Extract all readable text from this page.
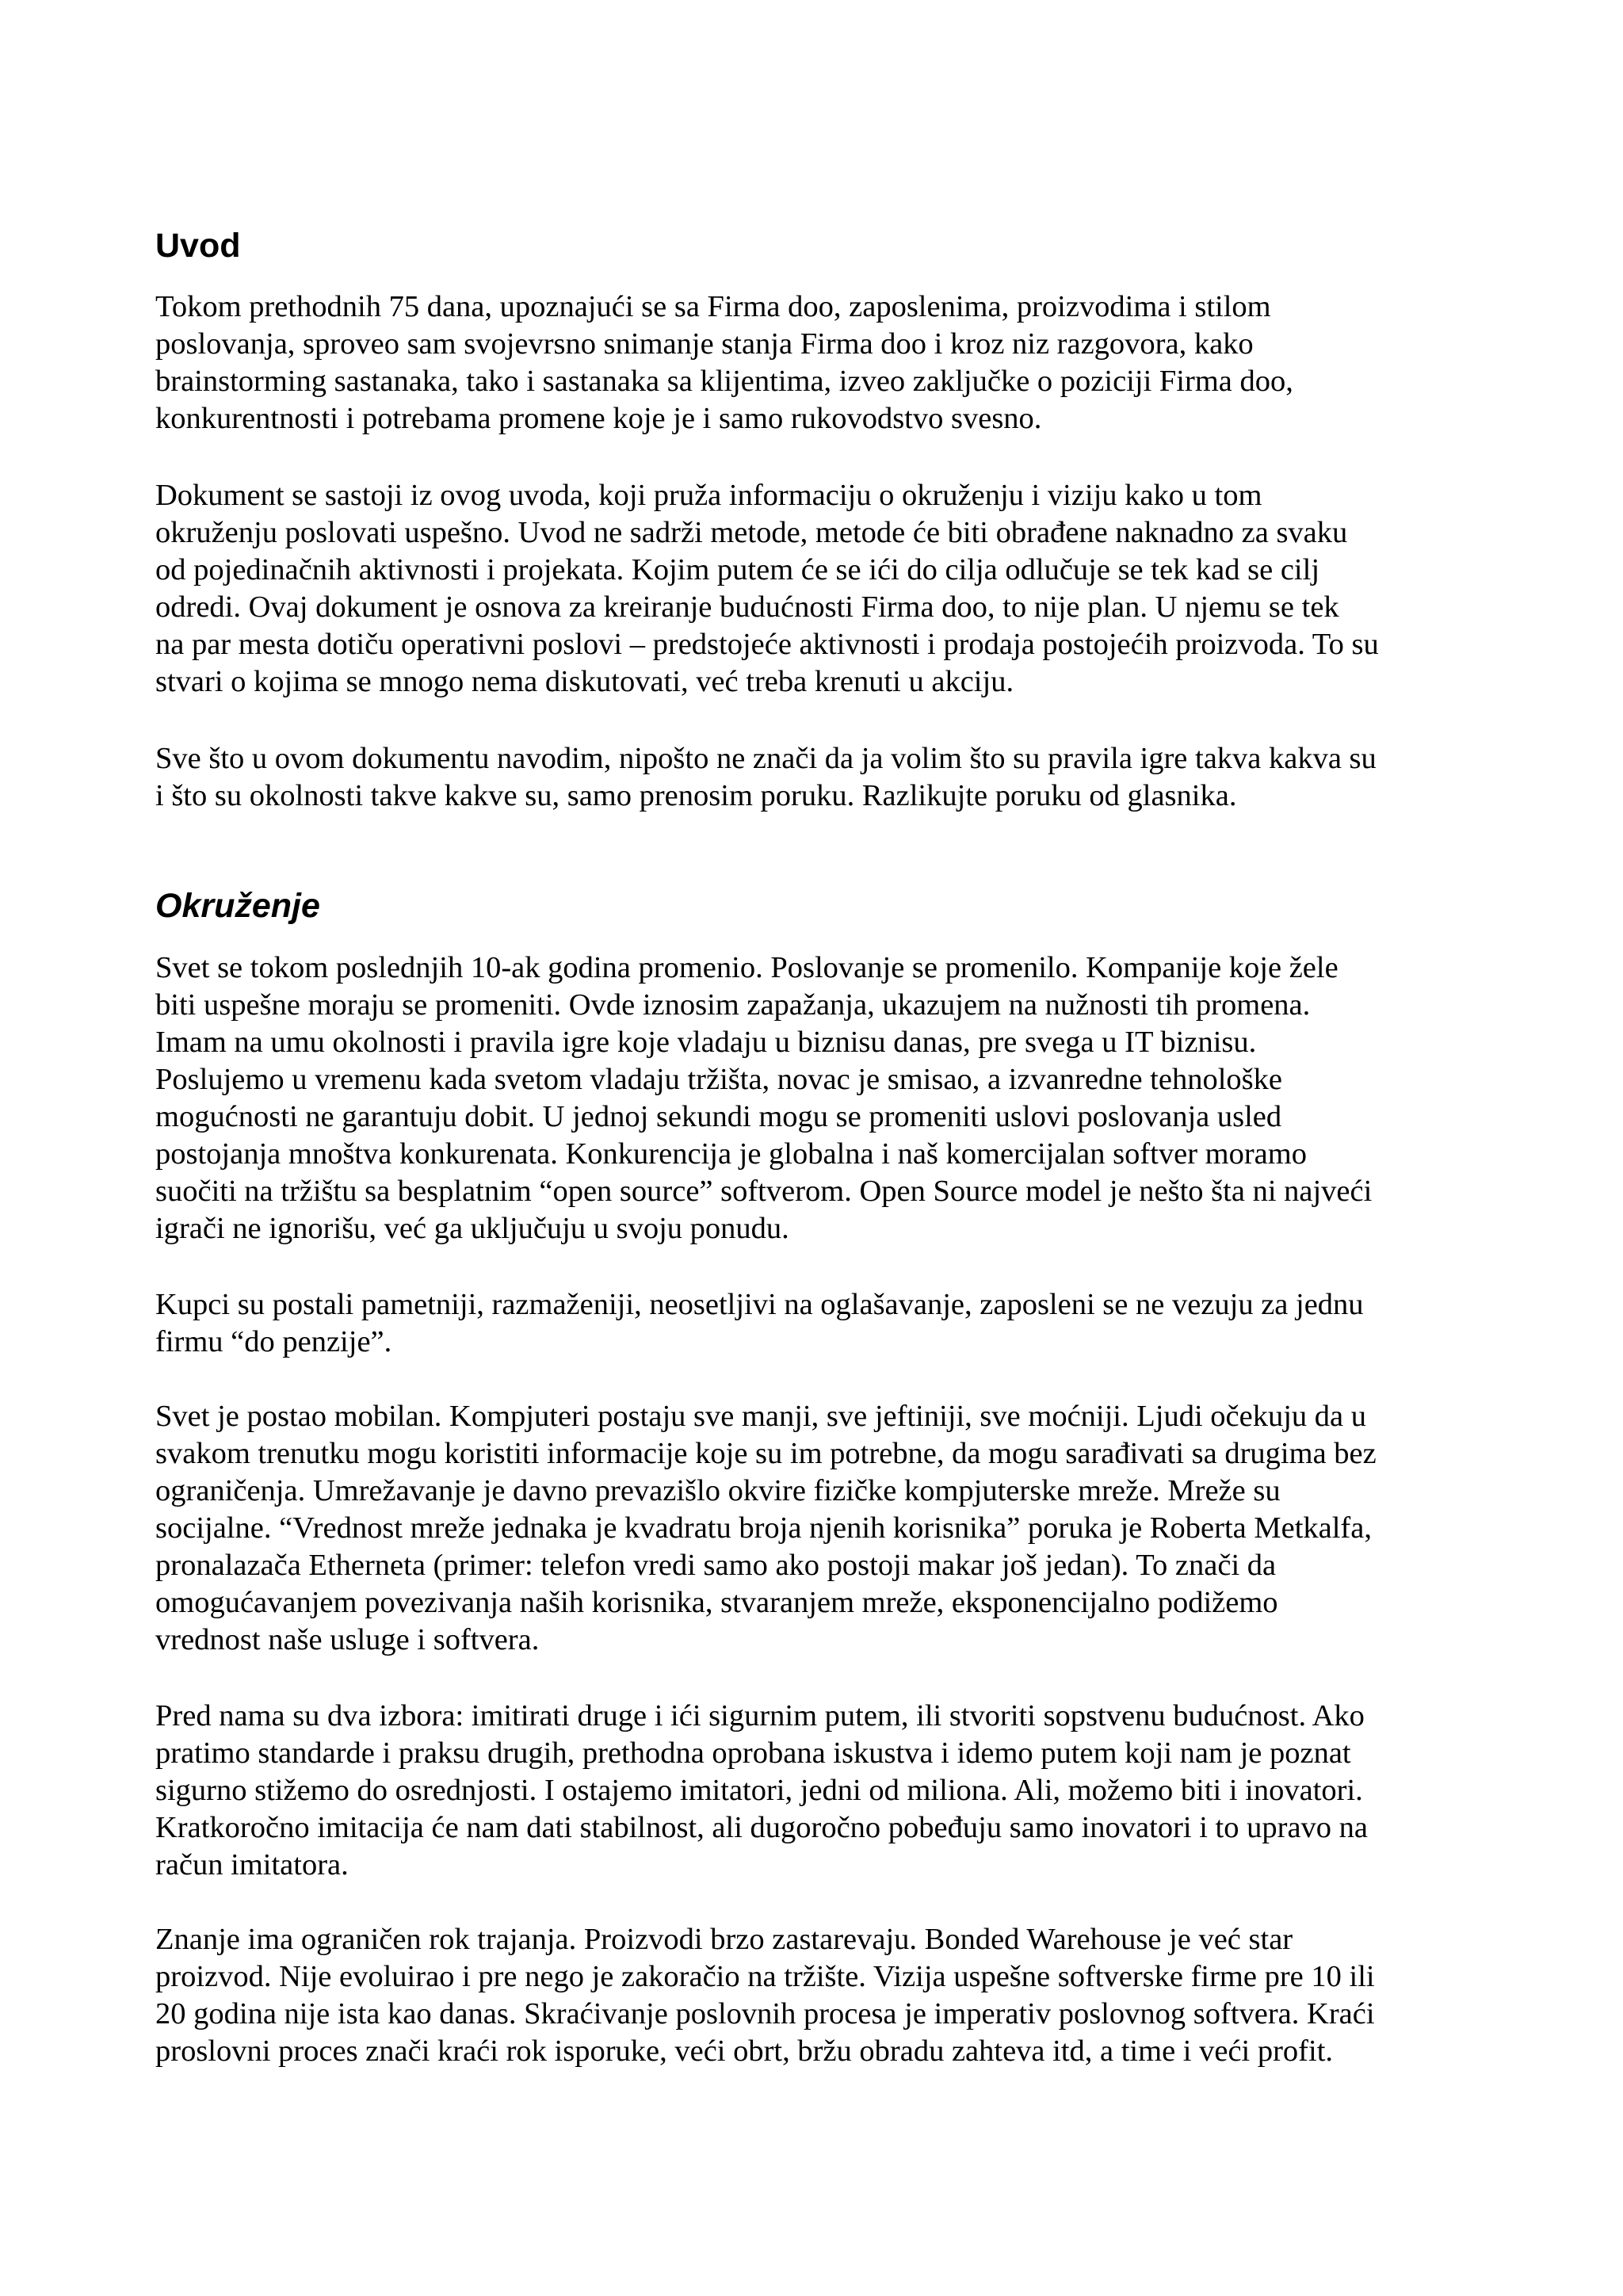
Uvod

Tokom prethodnih 75 dana, upoznajući se sa Firma doo, zaposlenima, proizvodima i stilom
poslovanja, sproveo sam svojevrsno snimanje stanja Firma doo i kroz niz razgovora, kako
brainstorming sastanaka, tako i sastanaka sa klijentima, izveo zaključke o poziciji Firma doo,
konkurentnosti i potrebama promene koje je i samo rukovodstvo svesno.

Dokument se sastoji iz ovog uvoda, koji pruža informaciju o okruženju i viziju kako u tom
okruženju poslovati uspešno. Uvod ne sadrži metode, metode će biti obrađene naknadno za svaku
od pojedinačnih aktivnosti i projekata. Kojim putem će se ići do cilja odlučuje se tek kad se cilj
odredi. Ovaj dokument je osnova za kreiranje budućnosti Firma doo, to nije plan. U njemu se tek
na par mesta dotiču operativni poslovi – predstojeće aktivnosti i prodaja postojećih proizvoda. To su
stvari o kojima se mnogo nema diskutovati, već treba krenuti u akciju.

Sve što u ovom dokumentu navodim, nipošto ne znači da ja volim što su pravila igre takva kakva su
i što su okolnosti takve kakve su, samo prenosim poruku. Razlikujte poruku od glasnika.

Okruženje

Svet se tokom poslednjih 10-ak godina promenio. Poslovanje se promenilo. Kompanije koje žele
biti uspešne moraju se promeniti. Ovde iznosim zapažanja, ukazujem na nužnosti tih promena.
Imam na umu okolnosti i pravila igre koje vladaju u biznisu danas, pre svega u IT biznisu.
Poslujemo u vremenu kada svetom vladaju tržišta, novac je smisao, a izvanredne tehnološke
mogućnosti ne garantuju dobit. U jednoj sekundi mogu se promeniti uslovi poslovanja usled
postojanja mnoštva konkurenata. Konkurencija je globalna i naš komercijalan softver moramo
suočiti na tržištu sa besplatnim “open source” softverom. Open Source model je nešto šta ni najveći
igrači ne ignorišu, već ga uključuju u svoju ponudu.

Kupci su postali pametniji, razmaženiji, neosetljivi na oglašavanje, zaposleni se ne vezuju za jednu
firmu “do penzije”.

Svet je postao mobilan. Kompjuteri postaju sve manji, sve jeftiniji, sve moćniji. Ljudi očekuju da u
svakom trenutku mogu koristiti informacije koje su im potrebne, da mogu sarađivati sa drugima bez
ograničenja. Umrežavanje je davno prevazišlo okvire fizičke kompjuterske mreže. Mreže su
socijalne. “Vrednost mreže jednaka je kvadratu broja njenih korisnika” poruka je Roberta Metkalfa,
pronalazača Etherneta (primer: telefon vredi samo ako postoji makar još jedan). To znači da
omogućavanjem povezivanja naših korisnika, stvaranjem mreže, eksponencijalno podižemo
vrednost naše usluge i softvera.

Pred nama su dva izbora: imitirati druge i ići sigurnim putem, ili stvoriti sopstvenu budućnost. Ako
pratimo standarde i praksu drugih, prethodna oprobana iskustva i idemo putem koji nam je poznat
sigurno stižemo do osrednjosti. I ostajemo imitatori, jedni od miliona. Ali, možemo biti i inovatori.
Kratkoročno imitacija će nam dati stabilnost, ali dugoročno pobeđuju samo inovatori i to upravo na
račun imitatora.

Znanje ima ograničen rok trajanja. Proizvodi brzo zastarevaju. Bonded Warehouse je već star
proizvod. Nije evoluirao i pre nego je zakoračio na tržište. Vizija uspešne softverske firme pre 10 ili
20 godina nije ista kao danas. Skraćivanje poslovnih procesa je imperativ poslovnog softvera. Kraći
proslovni proces znači kraći rok isporuke, veći obrt, bržu obradu zahteva itd, a time i veći profit.
